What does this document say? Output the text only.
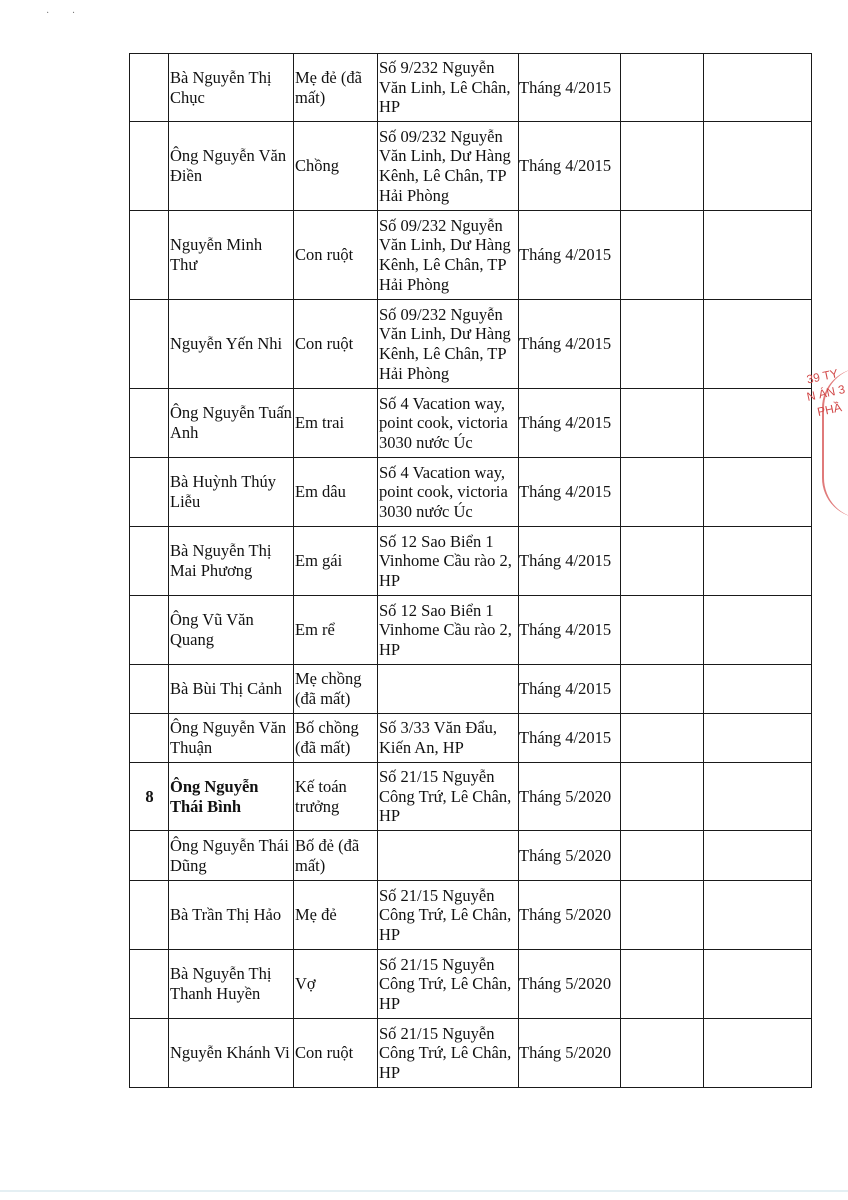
· ·
	Bà Nguyễn Thị Chục	Mẹ đẻ (đã mất)	Số 9/232 Nguyễn Văn Linh, Lê Chân, HP	Tháng 4/2015		
	Ông Nguyễn Văn Điền	Chồng	Số 09/232 Nguyễn Văn Linh, Dư Hàng Kênh, Lê Chân, TP Hải Phòng	Tháng 4/2015		
	Nguyễn Minh Thư	Con ruột	Số 09/232 Nguyễn Văn Linh, Dư Hàng Kênh, Lê Chân, TP Hải Phòng	Tháng 4/2015		
	Nguyễn Yến Nhi	Con ruột	Số 09/232 Nguyễn Văn Linh, Dư Hàng Kênh, Lê Chân, TP Hải Phòng	Tháng 4/2015		
	Ông Nguyễn Tuấn Anh	Em trai	Số 4 Vacation way, point cook, victoria 3030 nước Úc	Tháng 4/2015		
	Bà Huỳnh Thúy Liễu	Em dâu	Số 4 Vacation way, point cook, victoria 3030 nước Úc	Tháng 4/2015		
	Bà Nguyễn Thị Mai Phương	Em gái	Số 12 Sao Biển 1 Vinhome Cầu rào 2, HP	Tháng 4/2015		
	Ông Vũ Văn Quang	Em rể	Số 12 Sao Biển 1 Vinhome Cầu rào 2, HP	Tháng 4/2015		
	Bà Bùi Thị Cảnh	Mẹ chồng (đã mất)		Tháng 4/2015		
	Ông Nguyễn Văn Thuận	Bố chồng (đã mất)	Số 3/33 Văn Đẩu, Kiến An, HP	Tháng 4/2015		
8	Ông Nguyễn Thái Bình	Kế toán trưởng	Số 21/15 Nguyễn Công Trứ, Lê Chân, HP	Tháng 5/2020		
	Ông Nguyễn Thái Dũng	Bố đẻ (đã mất)		Tháng 5/2020		
	Bà Trần Thị Hảo	Mẹ đẻ	Số 21/15 Nguyễn Công Trứ, Lê Chân, HP	Tháng 5/2020		
	Bà Nguyễn Thị Thanh Huyền	Vợ	Số 21/15 Nguyễn Công Trứ, Lê Chân, HP	Tháng 5/2020		
	Nguyễn Khánh Vi	Con ruột	Số 21/15 Nguyễn Công Trứ, Lê Chân, HP	Tháng 5/2020		
39 TY N ÁN 3 PHẦ
